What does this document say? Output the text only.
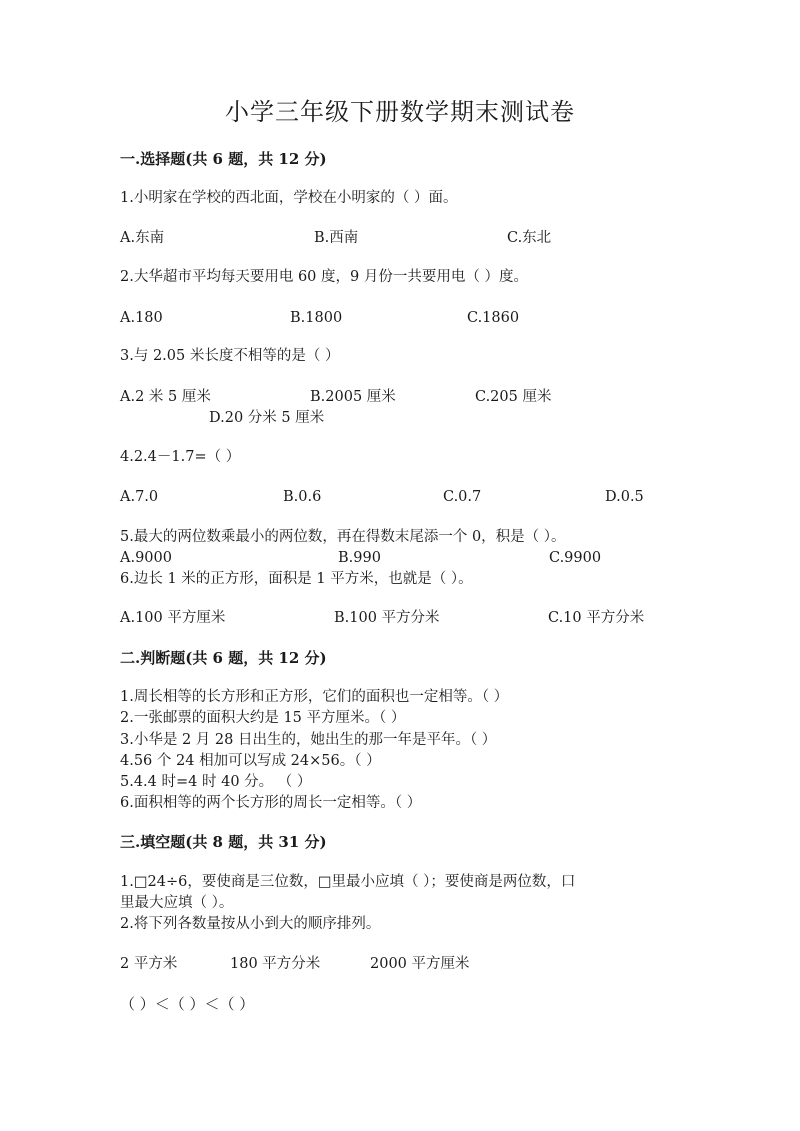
小学三年级下册数学期末测试卷
一.选择题(共 6 题，共 12 分)
1.小明家在学校的西北面，学校在小明家的（ ）面。
A.东南	B.西南	C.东北
2.大华超市平均每天要用电 60 度，9 月份一共要用电（ ）度。
A.180	B.1800	C.1860
3.与 2.05 米长度不相等的是（ ）
A.2 米 5 厘米	B.2005 厘米	C.205 厘米
D.20 分米 5 厘米
4.2.4－1.7=（ ）
A.7.0	B.0.6	C.0.7	D.0.5
5.最大的两位数乘最小的两位数，再在得数末尾添一个 0，积是（ ）。
A.9000	B.990	C.9900
6.边长 1 米的正方形，面积是 1 平方米，也就是（ ）。
A.100 平方厘米	B.100 平方分米	C.10 平方分米
二.判断题(共 6 题，共 12 分)
1.周长相等的长方形和正方形，它们的面积也一定相等。（ ）
2.一张邮票的面积大约是 15 平方厘米。（ ）
3.小华是 2 月 28 日出生的，她出生的那一年是平年。（ ）
4.56 个 24 相加可以写成 24×56。（ ）
5.4.4 时=4 时 40 分。 （ ）
6.面积相等的两个长方形的周长一定相等。（ ）
三.填空题(共 8 题，共 31 分)
1.□24÷6，要使商是三位数，□里最小应填（ ）；要使商是两位数，口
里最大应填（ ）。
2.将下列各数量按从小到大的顺序排列。
2 平方米	180 平方分米	2000 平方厘米
（ ）＜（ ）＜（ ）
